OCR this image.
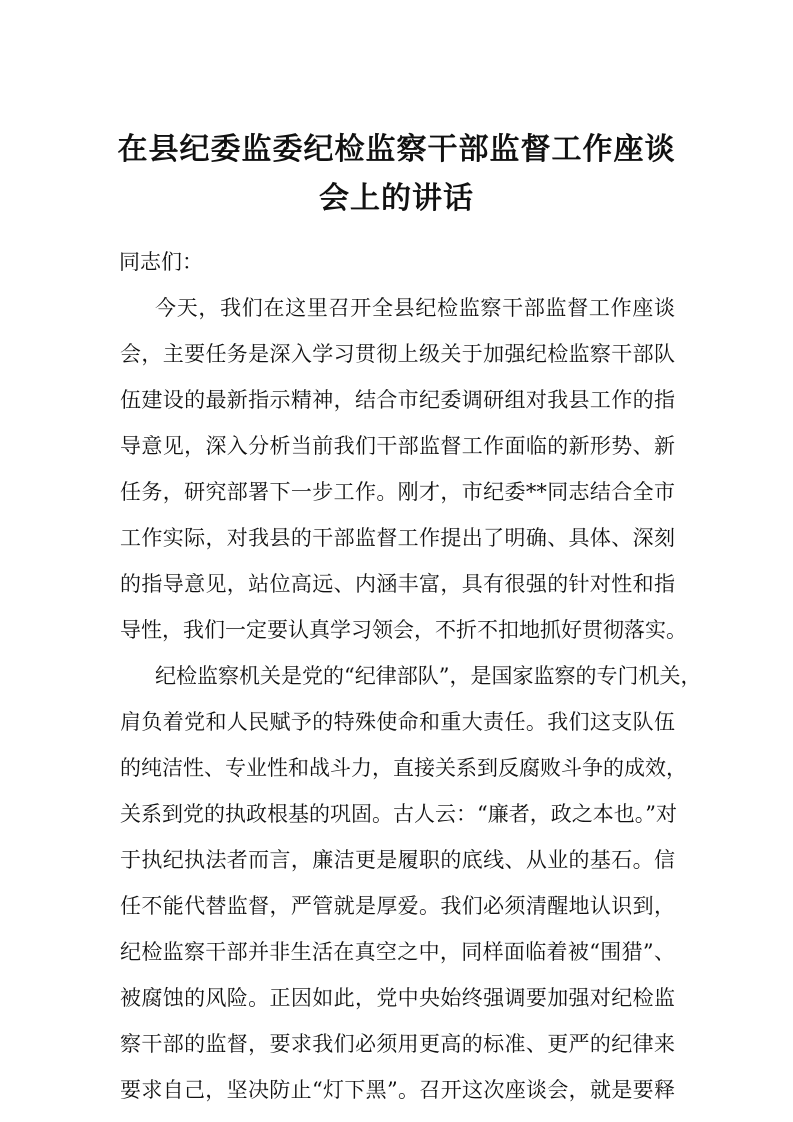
在县纪委监委纪检监察干部监督工作座谈
会上的讲话

同志们：

今天，我们在这里召开全县纪检监察干部监督工作座谈

会，主要任务是深入学习贯彻上级关于加强纪检监察干部队

伍建设的最新指示精神，结合市纪委调研组对我县工作的指

导意见，深入分析当前我们干部监督工作面临的新形势、新

任务，研究部署下一步工作。刚才，市纪委**同志结合全市

工作实际，对我县的干部监督工作提出了明确、具体、深刻

的指导意见，站位高远、内涵丰富，具有很强的针对性和指

导性，我们一定要认真学习领会，不折不扣地抓好贯彻落实。

纪检监察机关是党的“纪律部队”，是国家监察的专门机关，

肩负着党和人民赋予的特殊使命和重大责任。我们这支队伍

的纯洁性、专业性和战斗力，直接关系到反腐败斗争的成效，

关系到党的执政根基的巩固。古人云：“廉者，政之本也。”对

于执纪执法者而言，廉洁更是履职的底线、从业的基石。信

任不能代替监督，严管就是厚爱。我们必须清醒地认识到，

纪检监察干部并非生活在真空之中，同样面临着被“围猎”、

被腐蚀的风险。正因如此，党中央始终强调要加强对纪检监

察干部的监督，要求我们必须用更高的标准、更严的纪律来

要求自己，坚决防止“灯下黑”。召开这次座谈会，就是要释
